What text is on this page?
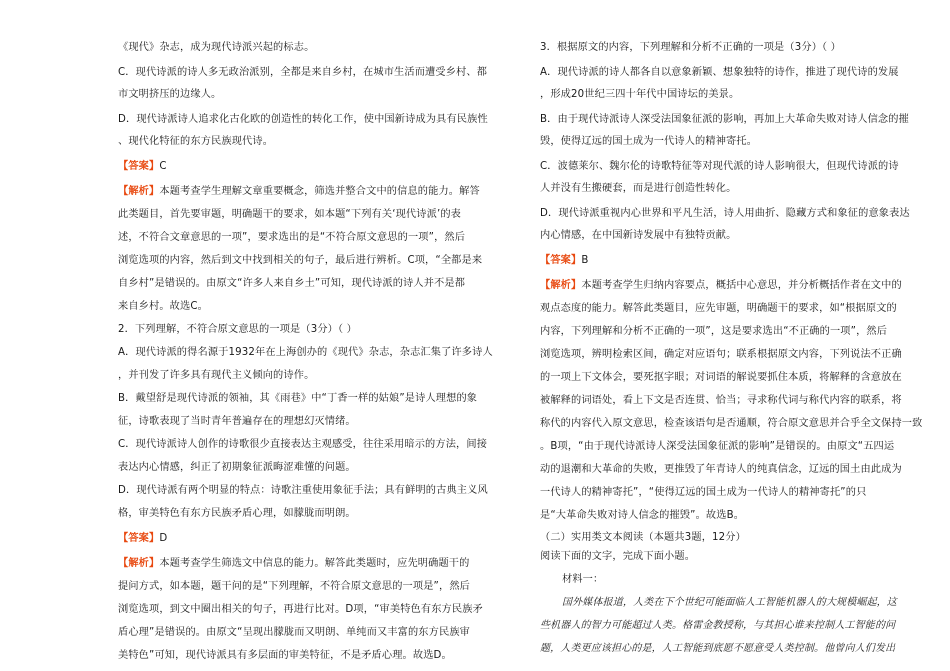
《现代》杂志，成为现代诗派兴起的标志。
C．现代诗派的诗人多无政治派别，全都是来自乡村，在城市生活而遭受乡村、都
市文明挤压的边缘人。
D．现代诗派诗人追求化古化欧的创造性的转化工作，使中国新诗成为具有民族性
、现代化特征的东方民族现代诗。
【答案】C
【解析】本题考查学生理解文章重要概念，筛选并整合文中的信息的能力。解答
此类题目，首先要审题，明确题干的要求，如本题“下列有关‘现代诗派’的表
述，不符合文章意思的一项”，要求选出的是“不符合原文意思的一项”，然后
浏览选项的内容，然后到文中找到相关的句子，最后进行辨析。C项，“全都是来
自乡村”是错误的。由原文“许多人来自乡土”可知，现代诗派的诗人并不是都
来自乡村。故选C。
2．下列理解，不符合原文意思的一项是（3分）（ ）
A．现代诗派的得名源于1932年在上海创办的《现代》杂志，杂志汇集了许多诗人
，并刊发了许多具有现代主义倾向的诗作。
B．戴望舒是现代诗派的领袖，其《雨巷》中“丁香一样的姑娘”是诗人理想的象
征，诗歌表现了当时青年普遍存在的理想幻灭情绪。
C．现代诗派诗人创作的诗歌很少直接表达主观感受，往往采用暗示的方法，间接
表达内心情感，纠正了初期象征派晦涩难懂的问题。
D．现代诗派有两个明显的特点：诗歌注重使用象征手法；具有鲜明的古典主义风
格，审美特色有东方民族矛盾心理，如朦胧而明朗。
【答案】D
【解析】本题考查学生筛选文中信息的能力。解答此类题时，应先明确题干的
提问方式，如本题，题干问的是“下列理解，不符合原文意思的一项是”，然后
浏览选项，到文中圈出相关的句子，再进行比对。D项，“审美特色有东方民族矛
盾心理”是错误的。由原文“呈现出朦胧而又明朗、单纯而又丰富的东方民族审
美特色”可知，现代诗派具有多层面的审美特征，不是矛盾心理。故选D。
3．根据原文的内容，下列理解和分析不正确的一项是（3分）（ ）
A．现代诗派的诗人都各自以意象新颖、想象独特的诗作，推进了现代诗的发展
，形成20世纪三四十年代中国诗坛的美景。
B．由于现代诗派诗人深受法国象征派的影响，再加上大革命失败对诗人信念的摧
毁，使得辽远的国土成为一代诗人的精神寄托。
C．波德莱尔、魏尔伦的诗歌特征等对现代派的诗人影响很大，但现代诗派的诗
人并没有生搬硬套，而是进行创造性转化。
D．现代诗派重视内心世界和平凡生活，诗人用曲折、隐藏方式和象征的意象表达
内心情感，在中国新诗发展中有独特贡献。
【答案】B
【解析】本题考查学生归纳内容要点，概括中心意思，并分析概括作者在文中的
观点态度的能力。解答此类题目，应先审题，明确题干的要求，如“根据原文的
内容，下列理解和分析不正确的一项”，这是要求选出“不正确的一项”，然后
浏览选项，辨明检索区间，确定对应语句；联系根据原文内容，下列说法不正确
的一项上下文体会，要死抠字眼；对词语的解说要抓住本质，将解释的含意放在
被解释的词语处，看上下文是否连贯、恰当；寻求称代词与称代内容的联系，将
称代的内容代入原文意思，检查该语句是否通顺，符合原文意思并合乎全文保持一致
。B项，“由于现代诗派诗人深受法国象征派的影响”是错误的。由原文“五四运
动的退潮和大革命的失败，更推毁了年青诗人的纯真信念，辽远的国土由此成为
一代诗人的精神寄托”，“使得辽远的国土成为一代诗人的精神寄托”的只
是“大革命失败对诗人信念的摧毁”。故选B。
（二）实用类文本阅读（本题共3题，12分）
阅读下面的文字，完成下面小题。
材料一：
国外媒体报道，人类在下个世纪可能面临人工智能机器人的大规模崛起，这
些机器人的智力可能超过人类。格雷金教授称，与其担心谁来控制人工智能的问
题，人类更应该担心的是，人工智能到底愿不愿意受人类控制。他曾向人们发出
